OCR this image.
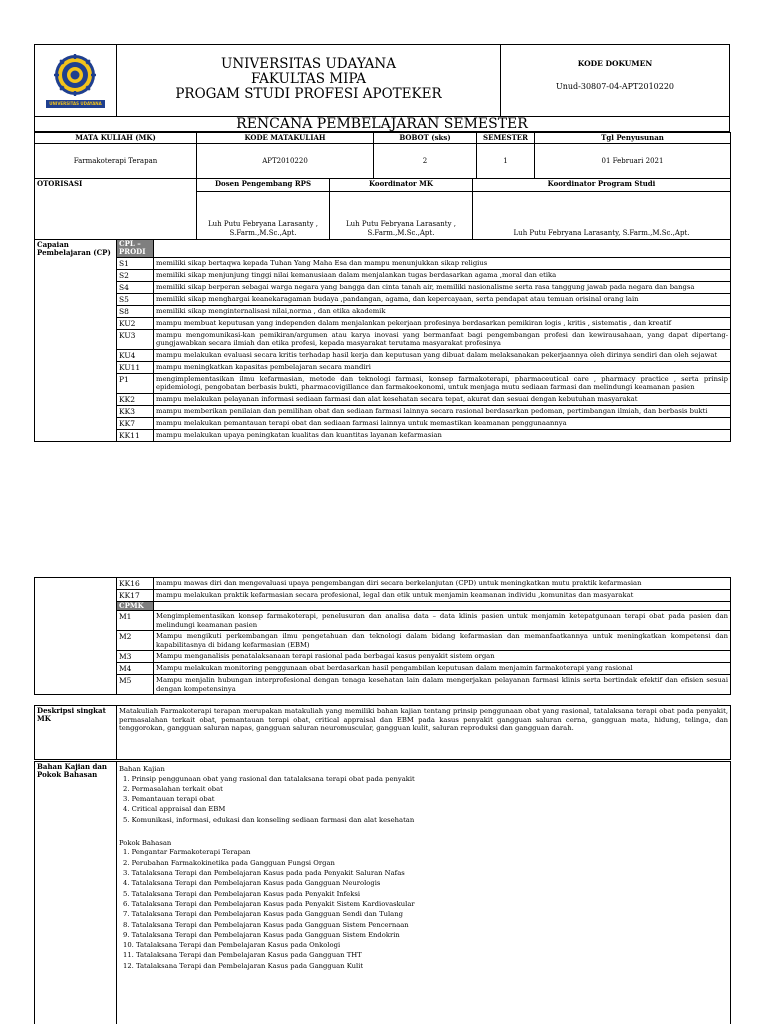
UNIVERSITAS UDAYANA
UNIVERSITAS UDAYANA
FAKULTAS MIPA
PROGAM STUDI PROFESI APOTEKER
KODE DOKUMEN
Unud-30807-04-APT2010220
RENCANA PEMBELAJARAN SEMESTER
MATA KULIAH (MK)	KODE MATAKULIAH	BOBOT (sks)	SEMESTER	Tgl Penyusunan
Farmakoterapi Terapan	APT2010220	2	1	01 Februari 2021
OTORISASI	Dosen Pengembang RPS	Koordinator MK	Koordinator Program Studi
	Luh Putu Febryana Larasanty , S.Farm.,M.Sc.,Apt.	Luh Putu Febryana Larasanty , S.Farm.,M.Sc.,Apt.	Luh Putu Febryana Larasanty, S.Farm.,M.Sc.,Apt.
Capaian Pembelajaran (CP)	CPL – PRODI	
	S1	memiliki sikap bertaqwa kepada Tuhan Yang Maha Esa dan mampu menunjukkan sikap religius
	S2	memiliki sikap menjunjung tinggi nilai kemanusiaan dalam menjalankan tugas berdasarkan agama ,moral dan etika
	S4	memiliki sikap berperan sebagai warga negara yang bangga dan cinta tanah air, memiliki nasionalisme serta rasa tanggung jawab pada negara dan bangsa
	S5	memiliki sikap menghargai keanekaragaman budaya ,pandangan, agama, dan kepercayaan, serta pendapat atau temuan orisinal orang lain
	S8	memiliki sikap menginternalisasi nilai,norma , dan etika akademik
	KU2	mampu membuat keputusan yang independen dalam menjalankan pekerjaan profesinya berdasarkan pemikiran logis , kritis , sistematis , dan kreatif
	KU3	mampu mengomunikasi-kan pemikiran/argumen atau karya inovasi yang bermanfaat bagi pengembangan profesi dan kewirausahaan, yang dapat dipertang-gungjawabkan secara ilmiah dan etika profesi, kepada masyarakat terutama masyarakat profesinya
	KU4	mampu melakukan evaluasi secara kritis terhadap hasil kerja dan keputusan yang dibuat dalam melaksanakan pekerjaannya oleh dirinya sendiri dan oleh sejawat
	KU11	mampu meningkatkan kapasitas pembelajaran secara mandiri
	P1	mengimplementasikan ilmu kefarmasian, metode dan teknologi farmasi, konsep farmakoterapi, pharmaceutical care , pharmacy practice , serta prinsip epidemiologi, pengobatan berbasis bukti, pharmacovigillance dan farmakoekonomi, untuk menjaga mutu sediaan farmasi dan melindungi keamanan pasien
	KK2	mampu melakukan pelayanan informasi sediaan farmasi dan alat kesehatan secara tepat, akurat dan sesuai dengan kebutuhan masyarakat
	KK3	mampu memberikan penilaian dan pemilihan obat dan sediaan farmasi lainnya secara rasional berdasarkan pedoman, pertimbangan ilmiah, dan berbasis bukti
	KK7	mampu melakukan pemantauan terapi obat dan sediaan farmasi lainnya untuk memastikan keamanan penggunaannya
	KK11	mampu melakukan upaya peningkatan kualitas dan kuantitas layanan kefarmasian
	KK16	mampu mawas diri dan mengevaluasi upaya pengembangan diri secara berkelanjutan (CPD) untuk meningkatkan mutu praktik kefarmasian
	KK17	mampu melakukan praktik kefarmasian secara profesional, legal dan etik untuk menjamin keamanan individu ,komunitas dan masyarakat
	CPMK	
	M1	Mengimplementasikan konsep farmakoterapi, penelusuran dan analisa data – data klinis pasien untuk menjamin ketepatgunaan terapi obat pada pasien dan melindungi keamanan pasien
	M2	Mampu mengikuti perkembangan ilmu pengetahuan dan teknologi dalam bidang kefarmasian dan memanfaatkannya untuk meningkatkan kompetensi dan kapabilitasnya di bidang kefarmasian (EBM)
	M3	Mampu menganalisis penatalaksanaan terapi rasional pada berbagai kasus penyakit sistem organ
	M4	Mampu melakukan monitoring penggunaan obat berdasarkan hasil pengambilan keputusan dalam menjamin farmakoterapi yang rasional
	M5	Mampu menjalin hubungan interprofesional dengan tenaga kesehatan lain dalam mengerjakan pelayanan farmasi klinis serta bertindak efektif dan efisien sesuai dengan kompetensinya
Deskripsi singkat MK	Matakuliah Farmakoterapi terapan merupakan matakuliah yang memiliki bahan kajian tentang prinsip penggunaan obat yang rasional, tatalaksana terapi obat pada penyakit, permasalahan terkait obat, pemantauan terapi obat, critical appraisal dan EBM pada kasus penyakit gangguan saluran cerna, gangguan mata, hidung, telinga, dan tenggorokan, gangguan saluran napas, gangguan saluran neuromuscular, gangguan kulit, saluran reproduksi dan gangguan darah.
Bahan Kajian dan Pokok Bahasan	
Bahan Kajian
1. Prinsip penggunaan obat yang rasional dan tatalaksana terapi obat pada penyakit
2. Permasalahan terkait obat
3. Pemantauan terapi obat
4. Critical appraisal dan EBM
5. Komunikasi, informasi, edukasi dan konseling sediaan farmasi dan alat kesehatan
Pokok Bahasan
1. Pengantar Farmakoterapi Terapan
2. Perubahan Farmakokinetika pada Gangguan Fungsi Organ
3. Tatalaksana Terapi dan Pembelajaran Kasus pada pada Penyakit Saluran Nafas
4. Tatalaksana Terapi dan Pembelajaran Kasus pada Gangguan Neurologis
5. Tatalaksana Terapi dan Pembelajaran Kasus pada Penyakit Infeksi
6. Tatalaksana Terapi dan Pembelajaran Kasus pada Penyakit Sistem Kardiovaskular
7. Tatalaksana Terapi dan Pembelajaran Kasus pada Gangguan Sendi dan Tulang
8. Tatalaksana Terapi dan Pembelajaran Kasus pada Gangguan Sistem Pencernaan
9. Tatalaksana Terapi dan Pembelajaran Kasus pada Gangguan Sistem Endokrin
10. Tatalaksana Terapi dan Pembelajaran Kasus pada Onkologi
11. Tatalaksana Terapi dan Pembelajaran Kasus pada Gangguan THT
12. Tatalaksana Terapi dan Pembelajaran Kasus pada Gangguan Kulit
